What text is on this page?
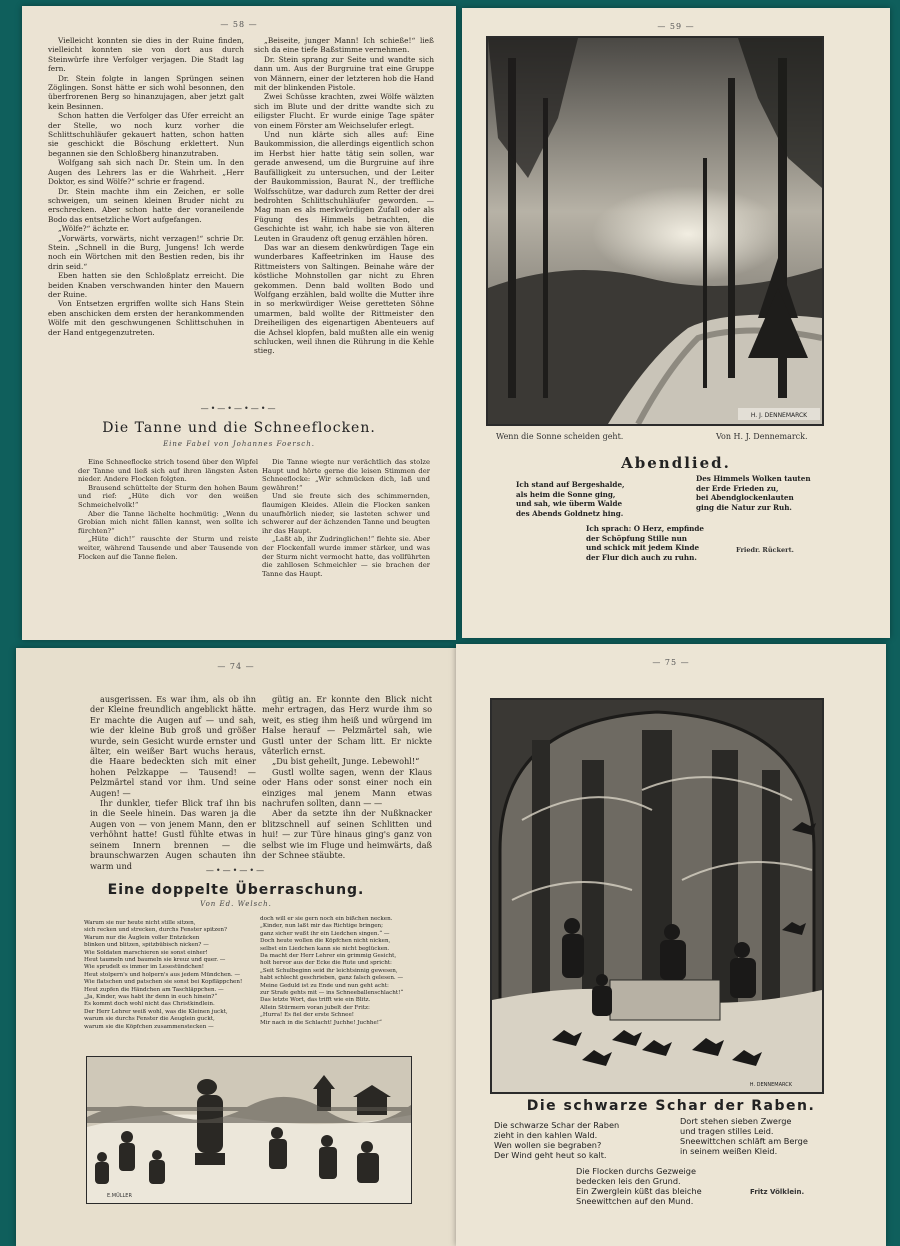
— 58 —

Vielleicht konnten sie dies in der Ruine finden, vielleicht konnten sie von dort aus durch Steinwürfe ihre Verfolger verjagen. Die Stadt lag fern.

Dr. Stein folgte in langen Sprüngen seinen Zöglingen. Sonst hätte er sich wohl besonnen, den überfrorenen Berg so hinanzujagen, aber jetzt galt kein Besinnen.

Schon hatten die Verfolger das Ufer erreicht an der Stelle, wo noch kurz vorher die Schlittschuhläufer gekauert hatten, schon hatten sie geschickt die Böschung erklettert. Nun begannen sie den Schloßberg hinanzutraben.

Wolfgang sah sich nach Dr. Stein um. In den Augen des Lehrers las er die Wahrheit. „Herr Doktor, es sind Wölfe?“ schrie er fragend.

Dr. Stein machte ihm ein Zeichen, er solle schweigen, um seinen kleinen Bruder nicht zu erschrecken. Aber schon hatte der voraneilende Bodo das entsetzliche Wort aufgefangen.

„Wölfe?“ ächzte er.

„Vorwärts, vorwärts, nicht verzagen!“ schrie Dr. Stein. „Schnell in die Burg, Jungens! Ich werde noch ein Wörtchen mit den Bestien reden, bis ihr drin seid.“

Eben hatten sie den Schloßplatz erreicht. Die beiden Knaben verschwanden hinter den Mauern der Ruine.

Von Entsetzen ergriffen wollte sich Hans Stein eben anschicken dem ersten der herankommenden Wölfe mit den geschwungenen Schlittschuhen in der Hand entgegenzutreten.

„Beiseite, junger Mann! Ich schieße!“ ließ sich da eine tiefe Baßstimme vernehmen.

Dr. Stein sprang zur Seite und wandte sich dann um. Aus der Burgruine trat eine Gruppe von Männern, einer der letzteren hob die Hand mit der blinkenden Pistole.

Zwei Schüsse krachten, zwei Wölfe wälzten sich im Blute und der dritte wandte sich zu eiligster Flucht. Er wurde einige Tage später von einem Förster am Weichselufer erlegt.

Und nun klärte sich alles auf: Eine Baukommission, die allerdings eigentlich schon im Herbst hier hatte tätig sein sollen, war gerade anwesend, um die Burgruine auf ihre Baufälligkeit zu untersuchen, und der Leiter der Baukommission, Baurat N., der treffliche Wolfsschütze, war dadurch zum Retter der drei bedrohten Schlittschuhläufer geworden. — Mag man es als merkwürdigen Zufall oder als Fügung des Himmels betrachten, die Geschichte ist wahr, ich habe sie von älteren Leuten in Graudenz oft genug erzählen hören.

Das war an diesem denkwürdigen Tage ein wunderbares Kaffeetrinken im Hause des Rittmeisters von Saltingen. Beinahe wäre der köstliche Mohnstollen gar nicht zu Ehren gekommen. Denn bald wollten Bodo und Wolfgang erzählen, bald wollte die Mutter ihre in so merkwürdiger Weise geretteten Söhne umarmen, bald wollte der Rittmeister den Dreiheiligen des eigenartigen Abenteuers auf die Achsel klopfen, bald mußten alle ein wenig schlucken, weil ihnen die Rührung in die Kehle stieg.

—•—•—•—•—
Die Tanne und die Schneeflocken.
Eine Fabel von Johannes Foersch.

Eine Schneeflocke strich tosend über den Wipfel der Tanne und ließ sich auf ihren längsten Ästen nieder. Andere Flocken folgten.

Brausend schüttelte der Sturm den hohen Baum und rief: „Hüte dich vor den weißen Schmeichelvolk!“

Aber die Tanne lächelte hochmütig: „Wenn du Grobian mich nicht fällen kannst, wen sollte ich fürchten?“

„Hüte dich!“ rauschte der Sturm und reiste weiter, während Tausende und aber Tausende von Flocken auf die Tanne fielen.

Die Tanne wiegte nur verächtlich das stolze Haupt und hörte gerne die leisen Stimmen der Schneeflocke: „Wir schmücken dich, laß und gewähren!“

Und sie freute sich des schimmernden, flaumigen Kleides. Allein die Flocken sanken unaufhörlich nieder, sie lasteten schwer und schwerer auf der ächzenden Tanne und beugten ihr das Haupt.

„Laßt ab, ihr Zudringlichen!“ flehte sie. Aber der Flockenfall wurde immer stärker, und was der Sturm nicht vermocht hatte, das vollführten die zahllosen Schmeichler — sie brachen der Tanne das Haupt.

— 59 —
H. J. DENNEMARCK
Wenn die Sonne scheiden geht.	Von H. J. Dennemarck.
Abendlied.
Ich stand auf Bergeshalde,
als heim die Sonne ging,
und sah, wie überm Walde
des Abends Goldnetz hing.
Des Himmels Wolken tauten
der Erde Frieden zu,
bei Abendglockenlauten
ging die Natur zur Ruh.
Ich sprach: O Herz, empfinde
der Schöpfung Stille nun
und schick mit jedem Kinde
der Flur dich auch zu ruhn.
Friedr. Rückert.
— 74 —

ausgerissen. Es war ihm, als ob ihn der Kleine freundlich angeblickt hätte. Er machte die Augen auf — und sah, wie der kleine Bub groß und größer wurde, sein Gesicht wurde ernster und älter, ein weißer Bart wuchs heraus, die Haare bedeckten sich mit einer hohen Pelzkappe — Tausend! — Pelzmärtel stand vor ihm. Und seine Augen! —

Ihr dunkler, tiefer Blick traf ihn bis in die Seele hinein. Das waren ja die Augen von — von jenem Mann, den er verhöhnt hatte! Gustl fühlte etwas in seinem Innern brennen — die braunschwarzen Augen schauten ihn warm und

gütig an. Er konnte den Blick nicht mehr ertragen, das Herz wurde ihm so weit, es stieg ihm heiß und würgend im Halse herauf — Pelzmärtel sah, wie Gustl unter der Scham litt. Er nickte väterlich ernst.

„Du bist geheilt, Junge. Lebewohl!“

Gustl wollte sagen, wenn der Klaus oder Hans oder sonst einer noch ein einziges mal jenem Mann etwas nachrufen sollten, dann — —

Aber da setzte ihn der Nußknacker blitzschnell auf seinen Schlitten und hui! — zur Türe hinaus ging's ganz von selbst wie im Fluge und heimwärts, daß der Schnee stäubte.

—•—•—•—
Eine doppelte Überraschung.
Von Ed. Welsch.
Warum sie nur heute nicht stille sitzen,
sich recken und strecken, durchs Fenster spitzen?
Warum nur die Äuglein voller Entzücken
blinken und blitzen, spitzbübisch nicken? —
Wie Soldaten marschieren sie sonst einher!
Heut taumeln und baumeln sie kreuz und quer. —
Wie sprudelt es immer im Lesestündchen!
Heut stolpern's und holpern's aus jedem Mündchen. —
Wie flatschen und patschen sie sonst bei Kopfläppchen!
Heut zupfen die Händchen am Taschläppchen. —
„Ja, Kinder, was habt ihr denn in euch hinein?“
Es kommt doch wohl nicht das Christkindlein.
Der Herr Lehrer weiß wohl, was die Kleinen juckt,
warum sie durchs Fenster die Aeuglein guckt,
warum sie die Köpfchen zusammenstecken —
doch will er sie gern noch ein bißchen necken.
„Kinder, nun laßt mir das Richtige bringen;
ganz sicher wußt ihr ein Liedchen singen.“ —
Doch heute wollen die Köpfchen nicht nicken,
selbst ein Liedchen kann sie nicht beglücken.
Da macht der Herr Lehrer ein grimmig Gesicht,
holt hervor aus der Ecke die Rute und spricht:
„Seit Schulbeginn seid ihr leichtsinnig gewesen,
habt schlecht geschrieben, ganz falsch gelesen. —
Meine Geduld ist zu Ende und nun geht acht:
zur Strafe gehts mit — ins Schneeballenschlacht!“
Das letzte Wort, das trifft wie ein Blitz.
Allein Stürmern voran jubelt der Fritz:
„Hurra! Es fiel der erste Schnee!
Mir nach in die Schlacht! Juchhe! Juchhe!“
E.MÜLLER
— 75 —
H. DENNEMARCK
Die schwarze Schar der Raben.
Die schwarze Schar der Raben
zieht in den kahlen Wald.
Wen wollen sie begraben?
Der Wind geht heut so kalt.
Dort stehen sieben Zwerge
und tragen stilles Leid.
Sneewittchen schläft am Berge
in seinem weißen Kleid.
Die Flocken durchs Gezweige
bedecken leis den Grund.
Ein Zwerglein küßt das bleiche
Sneewittchen auf den Mund.
Fritz Völklein.
